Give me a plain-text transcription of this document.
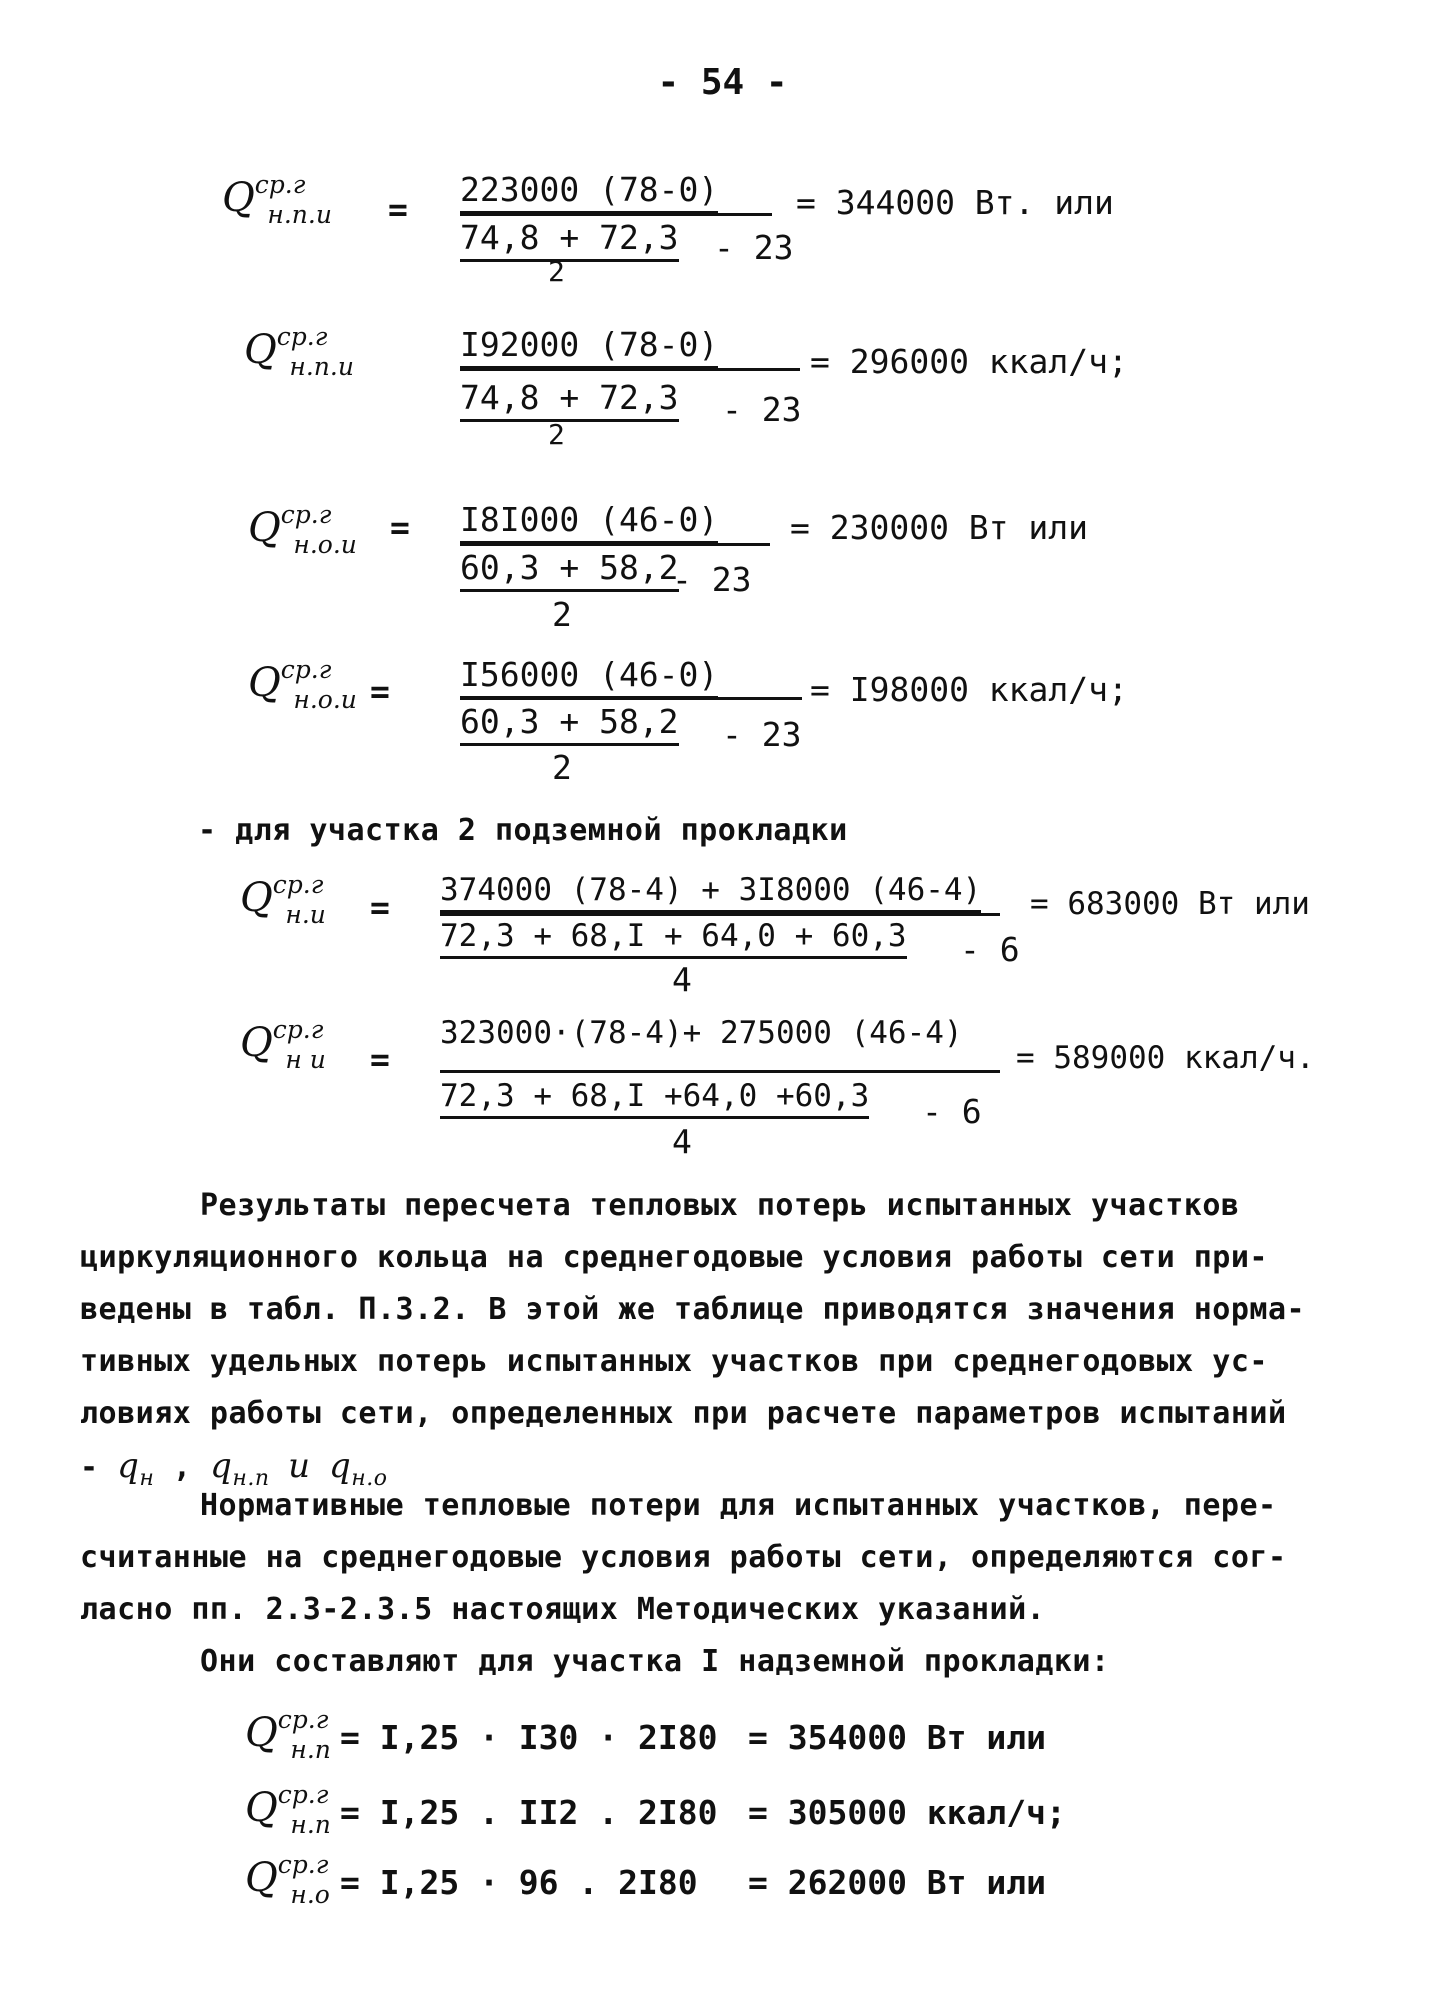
- 54 -
$Q^{ср.г}_{н.п.и}$ =
223000 (78-0)
74,8 + 72,3 - 23
2
= 344000 Вт. или
$Q^{ср.г}_{н.п.и}$
I92000 (78-0)
74,8 + 72,3 - 23
2
= 296000 ккал/ч;
$Q^{ср.г}_{н.о.и} = I8I000$ (46-0)
60,3 + 58,2
- 23
2
= 230000 Вт или
$Q^{ср.г}_{н.о.и} = I56000$ (46-0)
60,3 + 58,2 - 23
2
= I98000 ккал/ч;
- для участка 2 подземной прокладки
$Q^{ср.г}_{н.и} = 374000$ (78-4) + 3I8000 (46-4)
72,3 + 68,I + 64,0 + 60,3 - 6
4
= 683000 Вт или
$Q^{ср.г}_{н и}$ =
323000·(78-4)+ 275000 (46-4)
72,3 + 68,I +64,0 +60,3 - 6
4
= 589000 ккал/ч.
Результаты пересчета тепловых потерь испытанных участков
циркуляционного кольца на среднегодовые условия работы сети при-
ведены в табл. П.3.2. В этой же таблице приводятся значения норма-
тивных удельных потерь испытанных участков при среднегодовых ус-
ловиях работы сети, определенных при расчете параметров испытаний
- $q_н$ , $q_{н.п}$ и $q_{н.о}$
Нормативные тепловые потери для испытанных участков, пере-
считанные на среднегодовые условия работы сети, определяются сог-
ласно пп. 2.3-2.3.5 настоящих Методических указаний.
Они составляют для участка I надземной прокладки:
$Q^{ср.г}_{н.п} = I,25 \cdot I30 \cdot 2I80 = 354000$ Вт или
$Q^{ср.г}_{н.п} = I,25$ . II2 . 2I80 = 305000 ккал/ч;
$Q^{ср.г}_{н.о} = I,25 \cdot 96$ . 2I80 = 262000 Вт или
